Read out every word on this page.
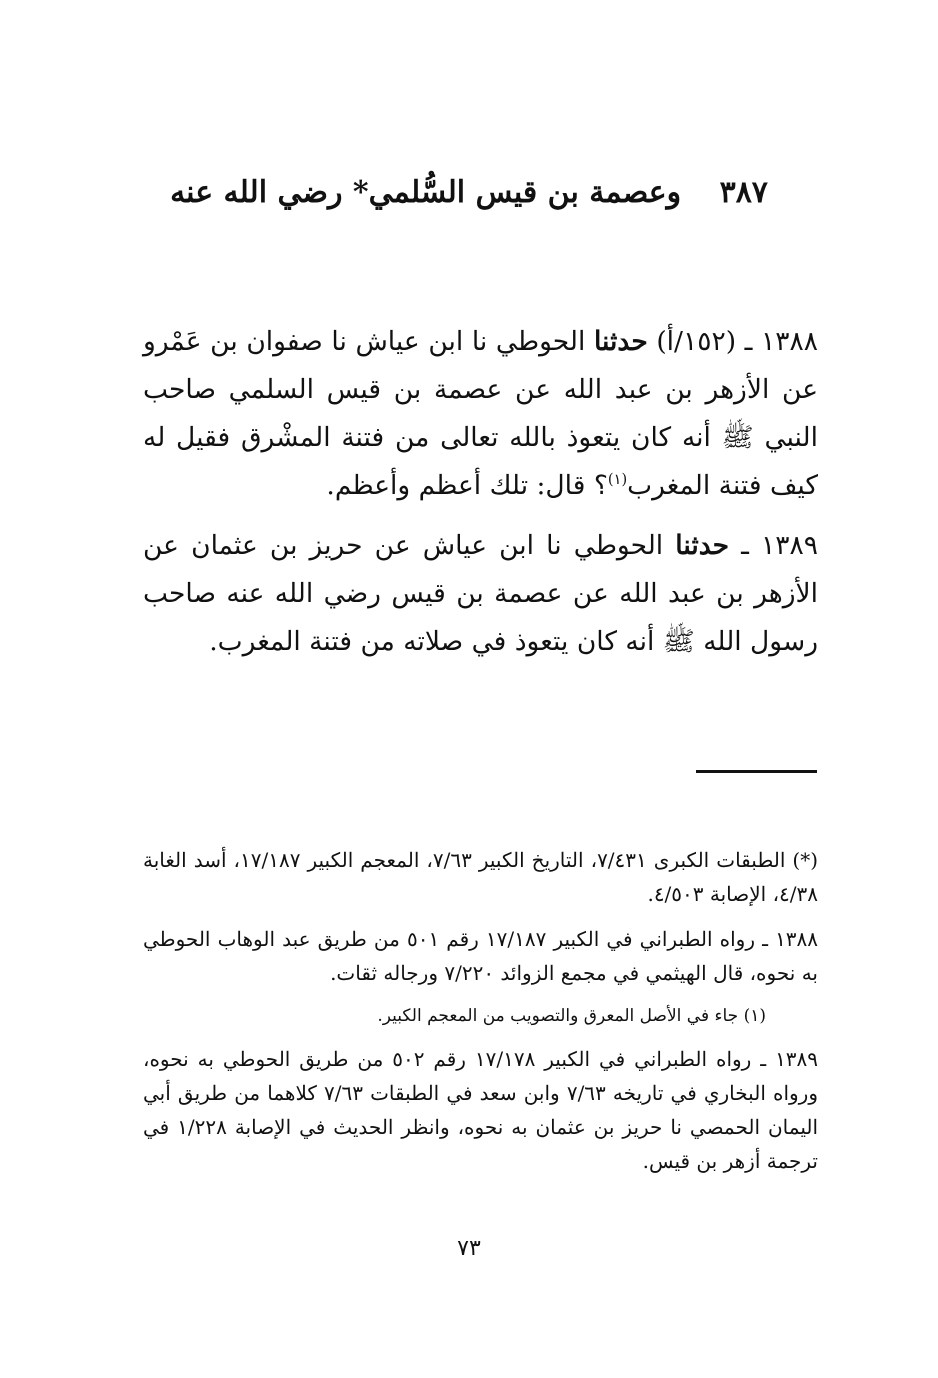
٣٨٧ وعصمة بن قيس السُّلمي* رضي الله عنه

١٣٨٨ ـ (١٥٢/أ) حدثنا الحوطي نا ابن عياش نا صفوان بن عَمْرو عن الأزهر بن عبد الله عن عصمة بن قيس السلمي صاحب النبي ﷺ أنه كان يتعوذ بالله تعالى من فتنة المشْرق فقيل له كيف فتنة المغرب$^{(١)}$؟ قال: تلك أعظم وأعظم.

١٣٨٩ ـ حدثنا الحوطي نا ابن عياش عن حريز بن عثمان عن الأزهر بن عبد الله عن عصمة بن قيس رضي الله عنه صاحب رسول الله ﷺ أنه كان يتعوذ في صلاته من فتنة المغرب.

(*) الطبقات الكبرى ٧/٤٣١، التاريخ الكبير ٧/٦٣، المعجم الكبير ١٧/١٨٧، أسد الغابة ٤/٣٨، الإصابة ٤/٥٠٣.

١٣٨٨ ـ رواه الطبراني في الكبير ١٧/١٨٧ رقم ٥٠١ من طريق عبد الوهاب الحوطي به نحوه، قال الهيثمي في مجمع الزوائد ٧/٢٢٠ ورجاله ثقات.

(١) جاء في الأصل المعرق والتصويب من المعجم الكبير.

١٣٨٩ ـ رواه الطبراني في الكبير ١٧/١٧٨ رقم ٥٠٢ من طريق الحوطي به نحوه، ورواه البخاري في تاريخه ٧/٦٣ وابن سعد في الطبقات ٧/٦٣ كلاهما من طريق أبي اليمان الحمصي نا حريز بن عثمان به نحوه، وانظر الحديث في الإصابة ١/٢٢٨ في ترجمة أزهر بن قيس.

٧٣
